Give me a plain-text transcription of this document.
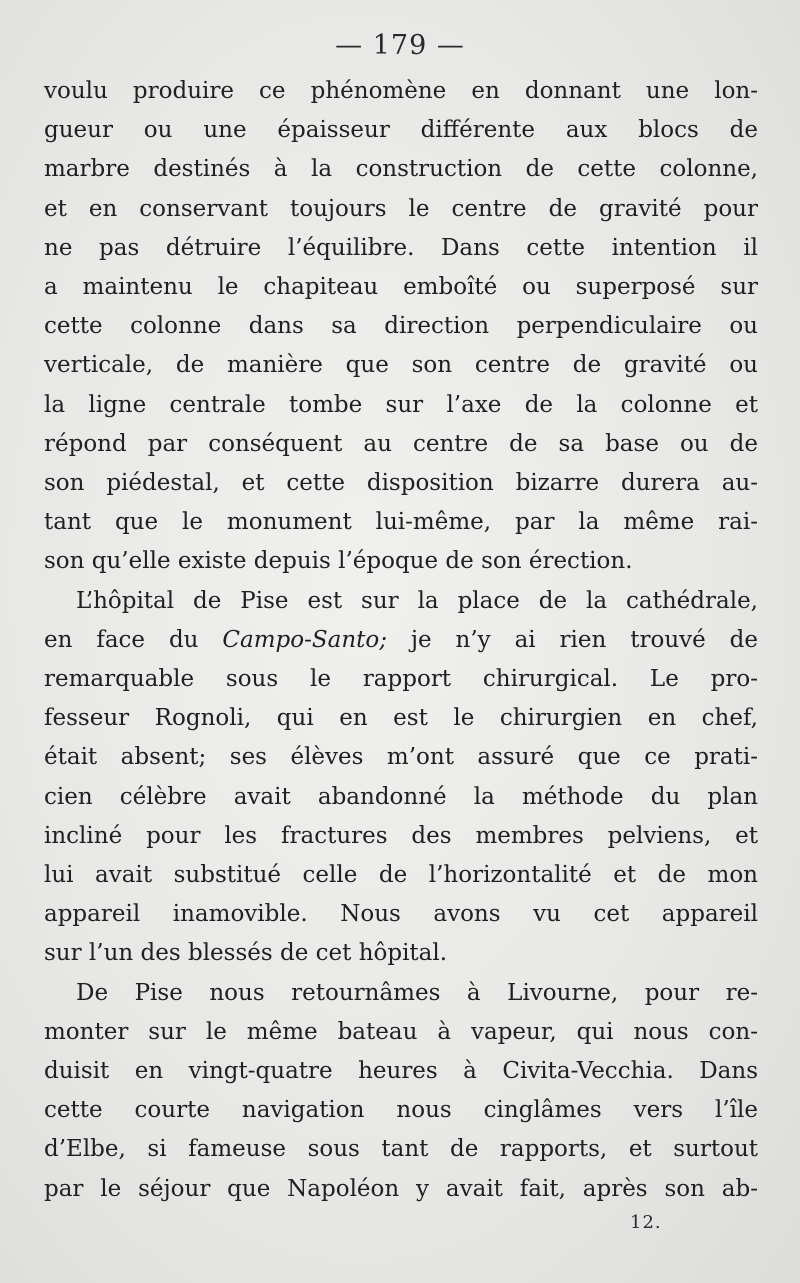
— 179 —
voulu produire ce phénomène en donnant une lon-
gueur ou une épaisseur différente aux blocs de
marbre destinés à la construction de cette colonne,
et en conservant toujours le centre de gravité pour
ne pas détruire l’équilibre. Dans cette intention il
a maintenu le chapiteau emboîté ou superposé sur
cette colonne dans sa direction perpendiculaire ou
verticale, de manière que son centre de gravité ou
la ligne centrale tombe sur l’axe de la colonne et
répond par conséquent au centre de sa base ou de
son piédestal, et cette disposition bizarre durera au-
tant que le monument lui-même, par la même rai-
son qu’elle existe depuis l’époque de son érection.
L’hôpital de Pise est sur la place de la cathédrale,
en face du Campo-Santo; je n’y ai rien trouvé de
remarquable sous le rapport chirurgical. Le pro-
fesseur Rognoli, qui en est le chirurgien en chef,
était absent; ses élèves m’ont assuré que ce prati-
cien célèbre avait abandonné la méthode du plan
incliné pour les fractures des membres pelviens, et
lui avait substitué celle de l’horizontalité et de mon
appareil inamovible. Nous avons vu cet appareil
sur l’un des blessés de cet hôpital.
De Pise nous retournâmes à Livourne, pour re-
monter sur le même bateau à vapeur, qui nous con-
duisit en vingt-quatre heures à Civita-Vecchia. Dans
cette courte navigation nous cinglâmes vers l’île
d’Elbe, si fameuse sous tant de rapports, et surtout
par le séjour que Napoléon y avait fait, après son ab-
12.
